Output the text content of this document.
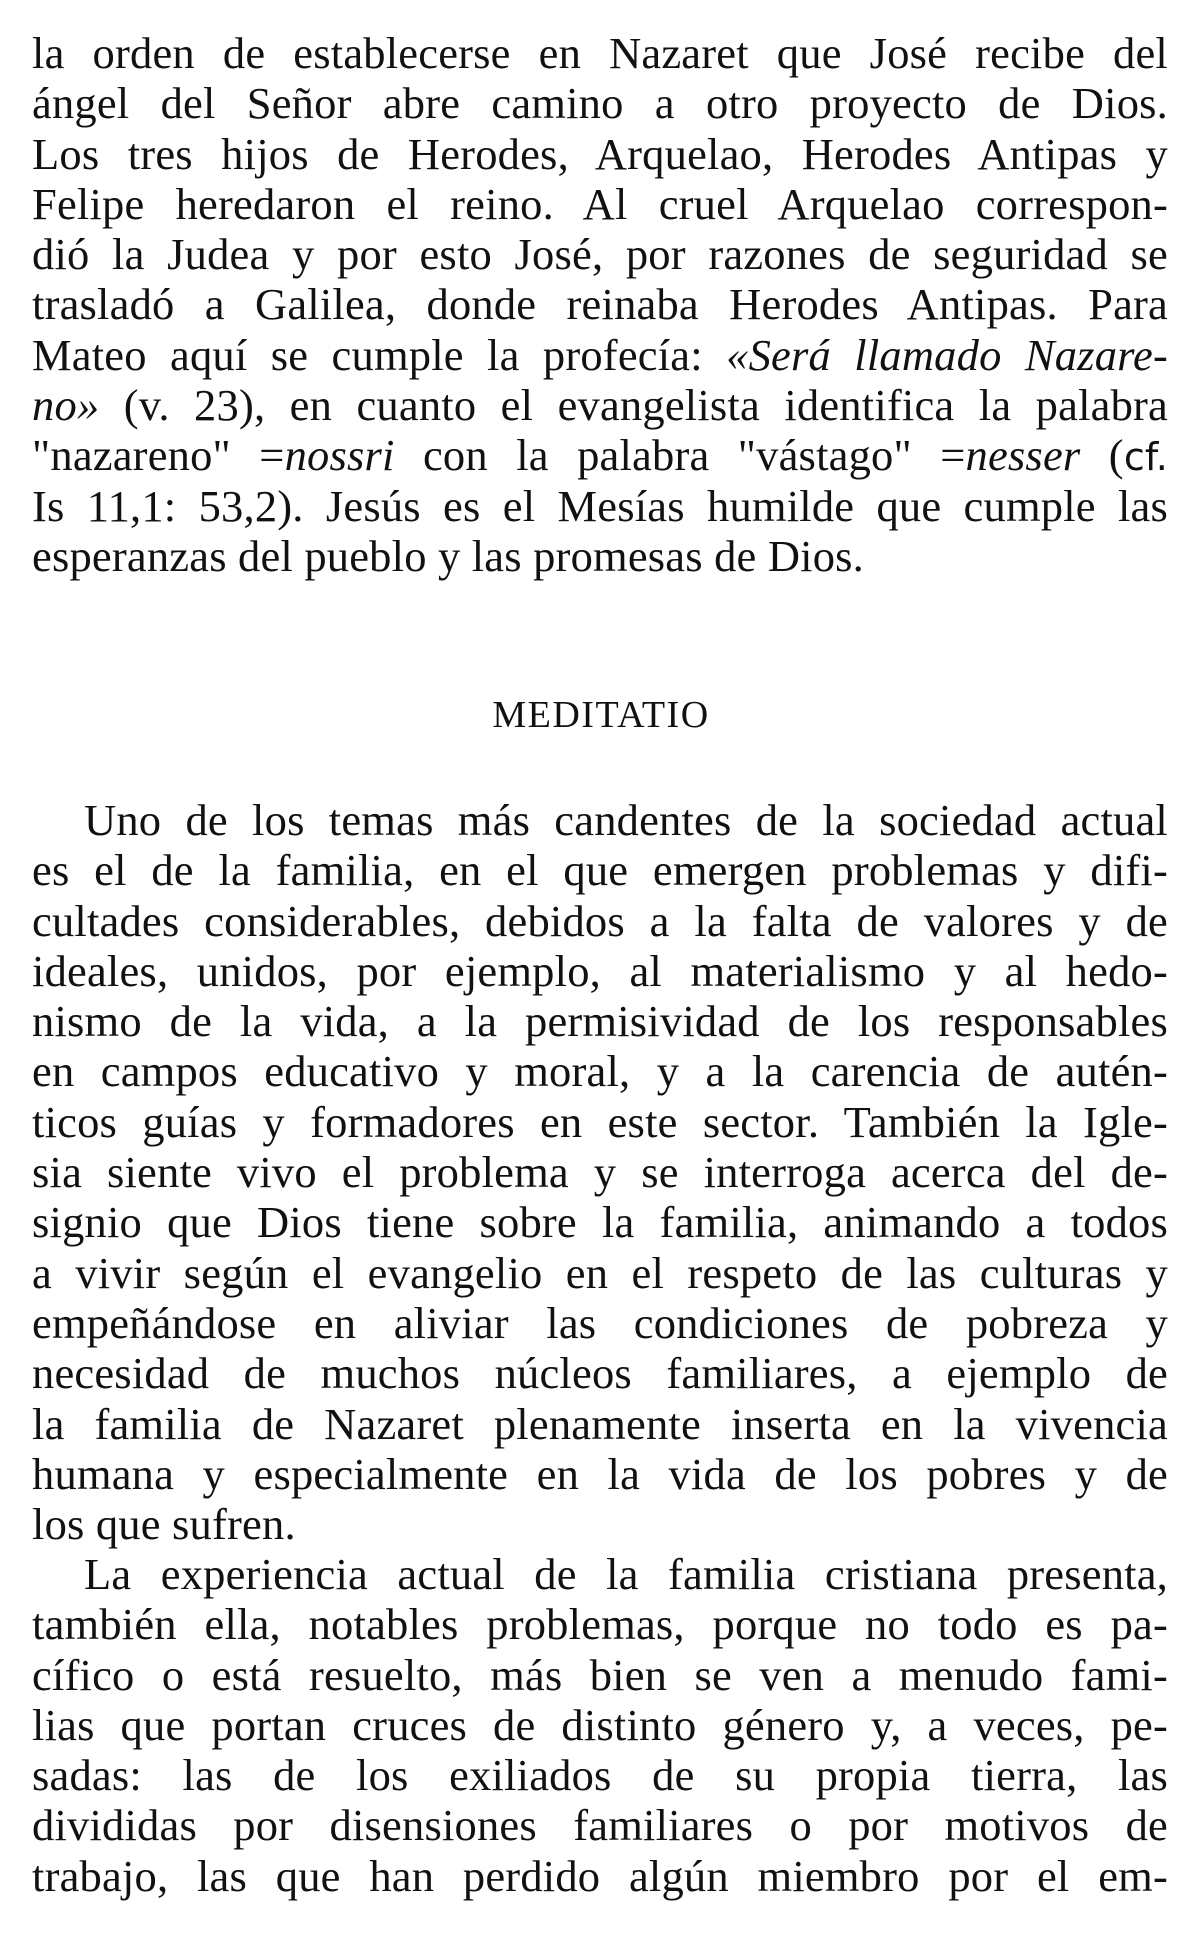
la orden de establecerse en Nazaret que José recibe del
ángel del Señor abre camino a otro proyecto de Dios.
Los tres hijos de Herodes, Arquelao, Herodes Antipas y
Felipe heredaron el reino. Al cruel Arquelao correspon-
dió la Judea y por esto José, por razones de seguridad se
trasladó a Galilea, donde reinaba Herodes Antipas. Para
Mateo aquí se cumple la profecía: «Será llamado Nazare-
no» (v. 23), en cuanto el evangelista identifica la palabra
"nazareno" =nossri con la palabra "vástago" =nesser (cf.
Is 11,1: 53,2). Jesús es el Mesías humilde que cumple las
esperanzas del pueblo y las promesas de Dios.
MEDITATIO
Uno de los temas más candentes de la sociedad actual
es el de la familia, en el que emergen problemas y difi-
cultades considerables, debidos a la falta de valores y de
ideales, unidos, por ejemplo, al materialismo y al hedo-
nismo de la vida, a la permisividad de los responsables
en campos educativo y moral, y a la carencia de autén-
ticos guías y formadores en este sector. También la Igle-
sia siente vivo el problema y se interroga acerca del de-
signio que Dios tiene sobre la familia, animando a todos
a vivir según el evangelio en el respeto de las culturas y
empeñándose en aliviar las condiciones de pobreza y
necesidad de muchos núcleos familiares, a ejemplo de
la familia de Nazaret plenamente inserta en la vivencia
humana y especialmente en la vida de los pobres y de
los que sufren.
La experiencia actual de la familia cristiana presenta,
también ella, notables problemas, porque no todo es pa-
cífico o está resuelto, más bien se ven a menudo fami-
lias que portan cruces de distinto género y, a veces, pe-
sadas: las de los exiliados de su propia tierra, las
divididas por disensiones familiares o por motivos de
trabajo, las que han perdido algún miembro por el em-
